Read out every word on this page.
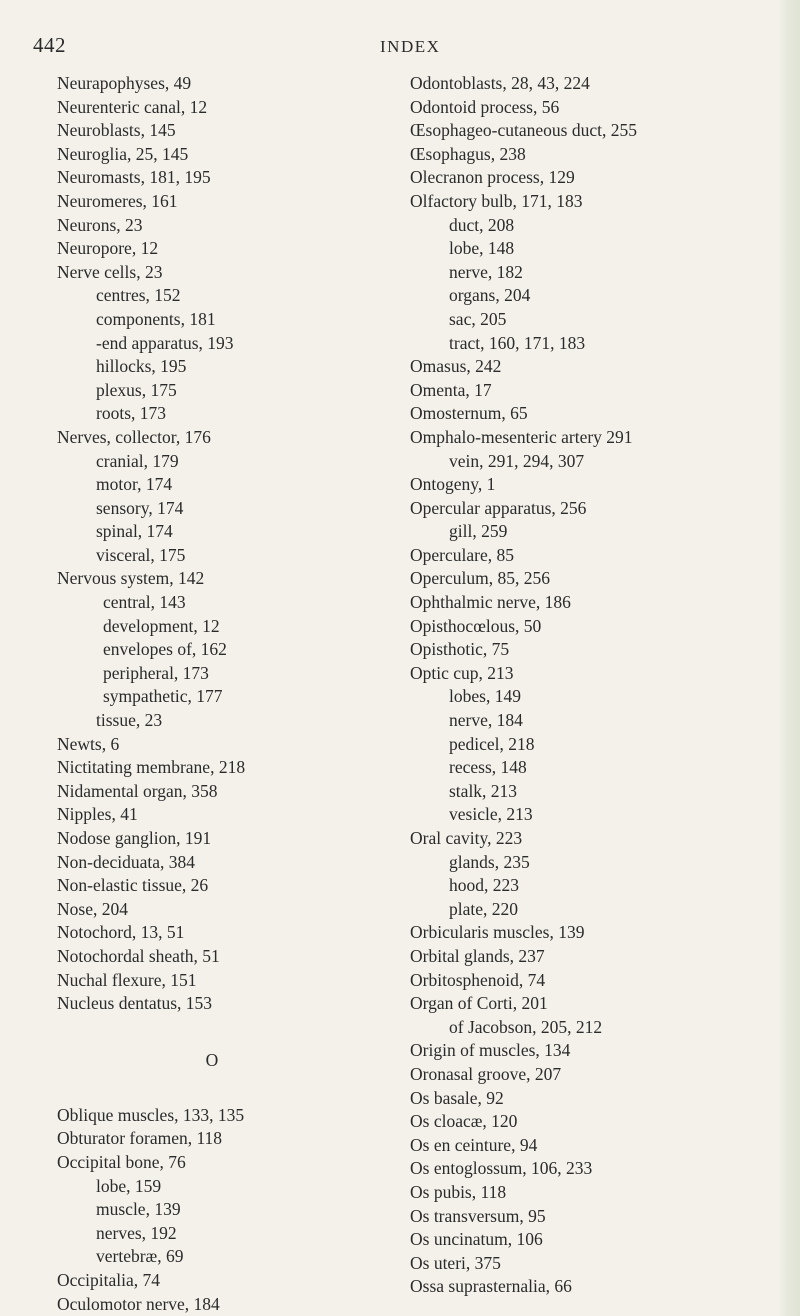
442	INDEX
Neurapophyses, 49
Neurenteric canal, 12
Neuroblasts, 145
Neuroglia, 25, 145
Neuromasts, 181, 195
Neuromeres, 161
Neurons, 23
Neuropore, 12
Nerve cells, 23
centres, 152
components, 181
-end apparatus, 193
hillocks, 195
plexus, 175
roots, 173
Nerves, collector, 176
cranial, 179
motor, 174
sensory, 174
spinal, 174
visceral, 175
Nervous system, 142
central, 143
development, 12
envelopes of, 162
peripheral, 173
sympathetic, 177
tissue, 23
Newts, 6
Nictitating membrane, 218
Nidamental organ, 358
Nipples, 41
Nodose ganglion, 191
Non-deciduata, 384
Non-elastic tissue, 26
Nose, 204
Notochord, 13, 51
Notochordal sheath, 51
Nuchal flexure, 151
Nucleus dentatus, 153
O
Oblique muscles, 133, 135
Obturator foramen, 118
Occipital bone, 76
lobe, 159
muscle, 139
nerves, 192
vertebræ, 69
Occipitalia, 74
Oculomotor nerve, 184
Odontoblasts, 28, 43, 224
Odontoid process, 56
Œsophageo-cutaneous duct, 255
Œsophagus, 238
Olecranon process, 129
Olfactory bulb, 171, 183
duct, 208
lobe, 148
nerve, 182
organs, 204
sac, 205
tract, 160, 171, 183
Omasus, 242
Omenta, 17
Omosternum, 65
Omphalo-mesenteric artery 291
vein, 291, 294, 307
Ontogeny, 1
Opercular apparatus, 256
gill, 259
Operculare, 85
Operculum, 85, 256
Ophthalmic nerve, 186
Opisthocœlous, 50
Opisthotic, 75
Optic cup, 213
lobes, 149
nerve, 184
pedicel, 218
recess, 148
stalk, 213
vesicle, 213
Oral cavity, 223
glands, 235
hood, 223
plate, 220
Orbicularis muscles, 139
Orbital glands, 237
Orbitosphenoid, 74
Organ of Corti, 201
of Jacobson, 205, 212
Origin of muscles, 134
Oronasal groove, 207
Os basale, 92
Os cloacæ, 120
Os en ceinture, 94
Os entoglossum, 106, 233
Os pubis, 118
Os transversum, 95
Os uncinatum, 106
Os uteri, 375
Ossa suprasternalia, 66
